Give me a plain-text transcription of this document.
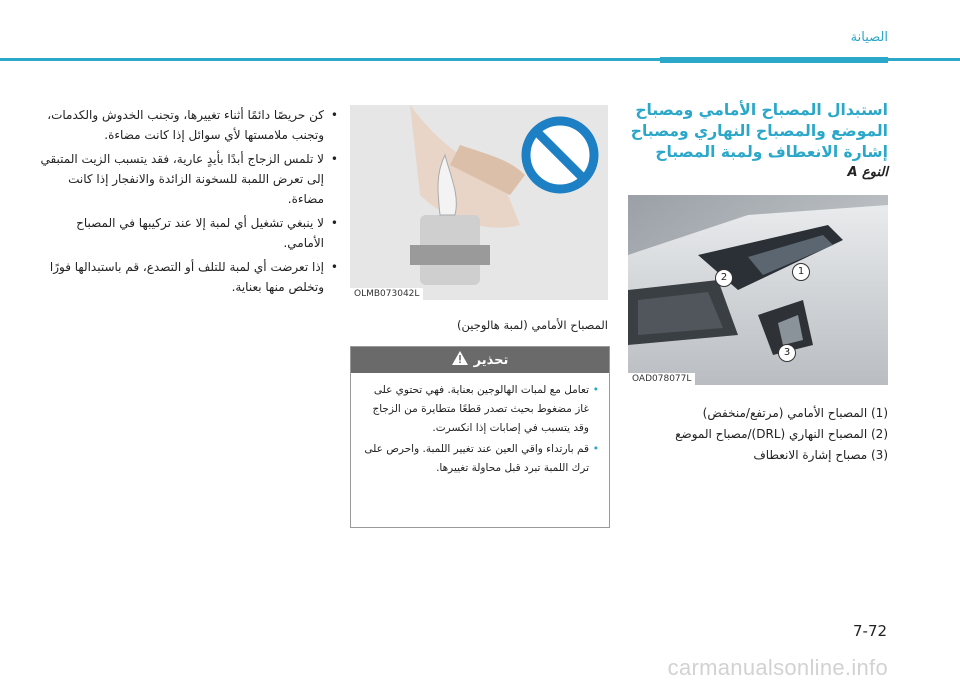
الصيانة
استبدال المصباح الأمامي ومصباح الموضع والمصباح النهاري ومصباح إشارة الانعطاف ولمبة المصباح
النوع A
1
2
3
OAD078077L
(1) المصباح الأمامي (مرتفع/منخفض)
(2) المصباح النهاري (DRL)/مصباح الموضع
(3) مصباح إشارة الانعطاف
OLMB073042L
المصباح الأمامي (لمبة هالوجين)
تحذير
• تعامل مع لمبات الهالوجين بعناية. فهي تحتوي على غاز مضغوط بحيث تصدر قطعًا متطايرة من الزجاج وقد يتسبب في إصابات إذا انكسرت.
• قم بارتداء واقي العين عند تغيير اللمبة. واحرص على ترك اللمبة تبرد قبل محاولة تغييرها.
• كن حريصًا دائمًا أثناء تغييرها، وتجنب الخدوش والكدمات، وتجنب ملامستها لأي سوائل إذا كانت مضاءة.
• لا تلمس الزجاج أبدًا بأيدٍ عارية، فقد يتسبب الزيت المتبقي إلى تعرض اللمبة للسخونة الزائدة والانفجار إذا كانت مضاءة.
• لا ينبغي تشغيل أي لمبة إلا عند تركيبها في المصباح الأمامي.
• إذا تعرضت أي لمبة للتلف أو التصدع، قم باستبدالها فورًا وتخلص منها بعناية.
7-72
carmanualsonline.info
